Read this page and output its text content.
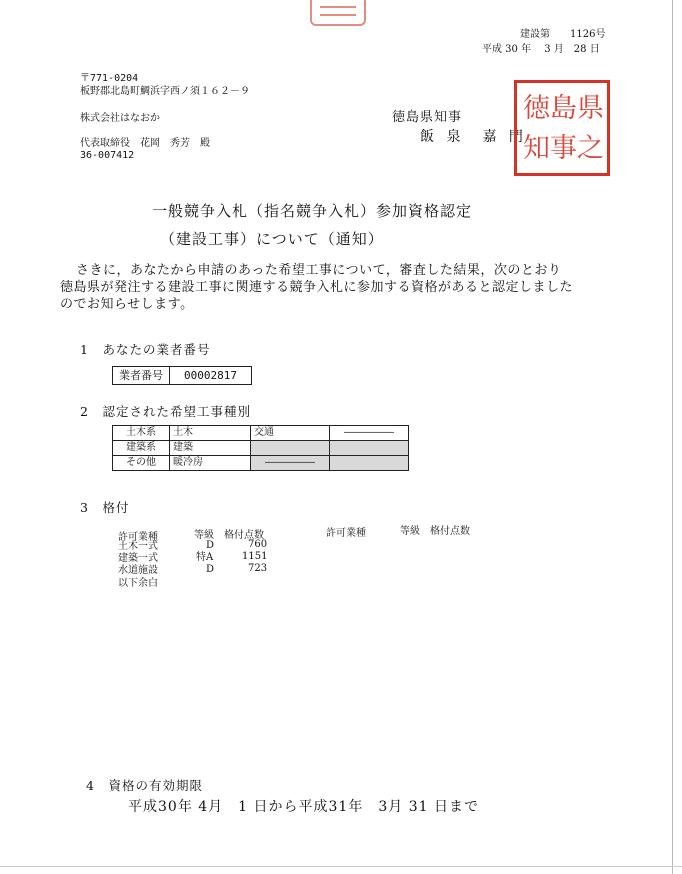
建設第　　1126号
平成 30 年　 3 月　28 日
〒771-0204
板野郡北島町鯛浜字西ノ須１６２－９
株式会社はなおか
代表取締役　花岡　秀芳　殿
36-007412
徳島県知事
飯 泉　嘉 門
徳 島 県
知 事 之
一般競争入札（指名競争入札）参加資格認定
（建設工事）について（通知）
さきに，あなたから申請のあった希望工事について，審査した結果，次のとおり
徳島県が発注する建設工事に関連する競争入札に参加する資格があると認定しました
のでお知らせします。
1　あなたの業者番号
業者番号	00002817
2　認定された希望工事種別
土木系	土木	交通	―――――
建築系	建築		
その他	暖冷房	―――――	
3　格付
許可業種	等級 格付点数	許可業種	等級 格付点数
土木一式	D	760
建築一式	特A	1151
水道施設	D	723
以下余白
4　資格の有効期限
平成30年 4月　1 日から平成31年　3月 31 日まで
